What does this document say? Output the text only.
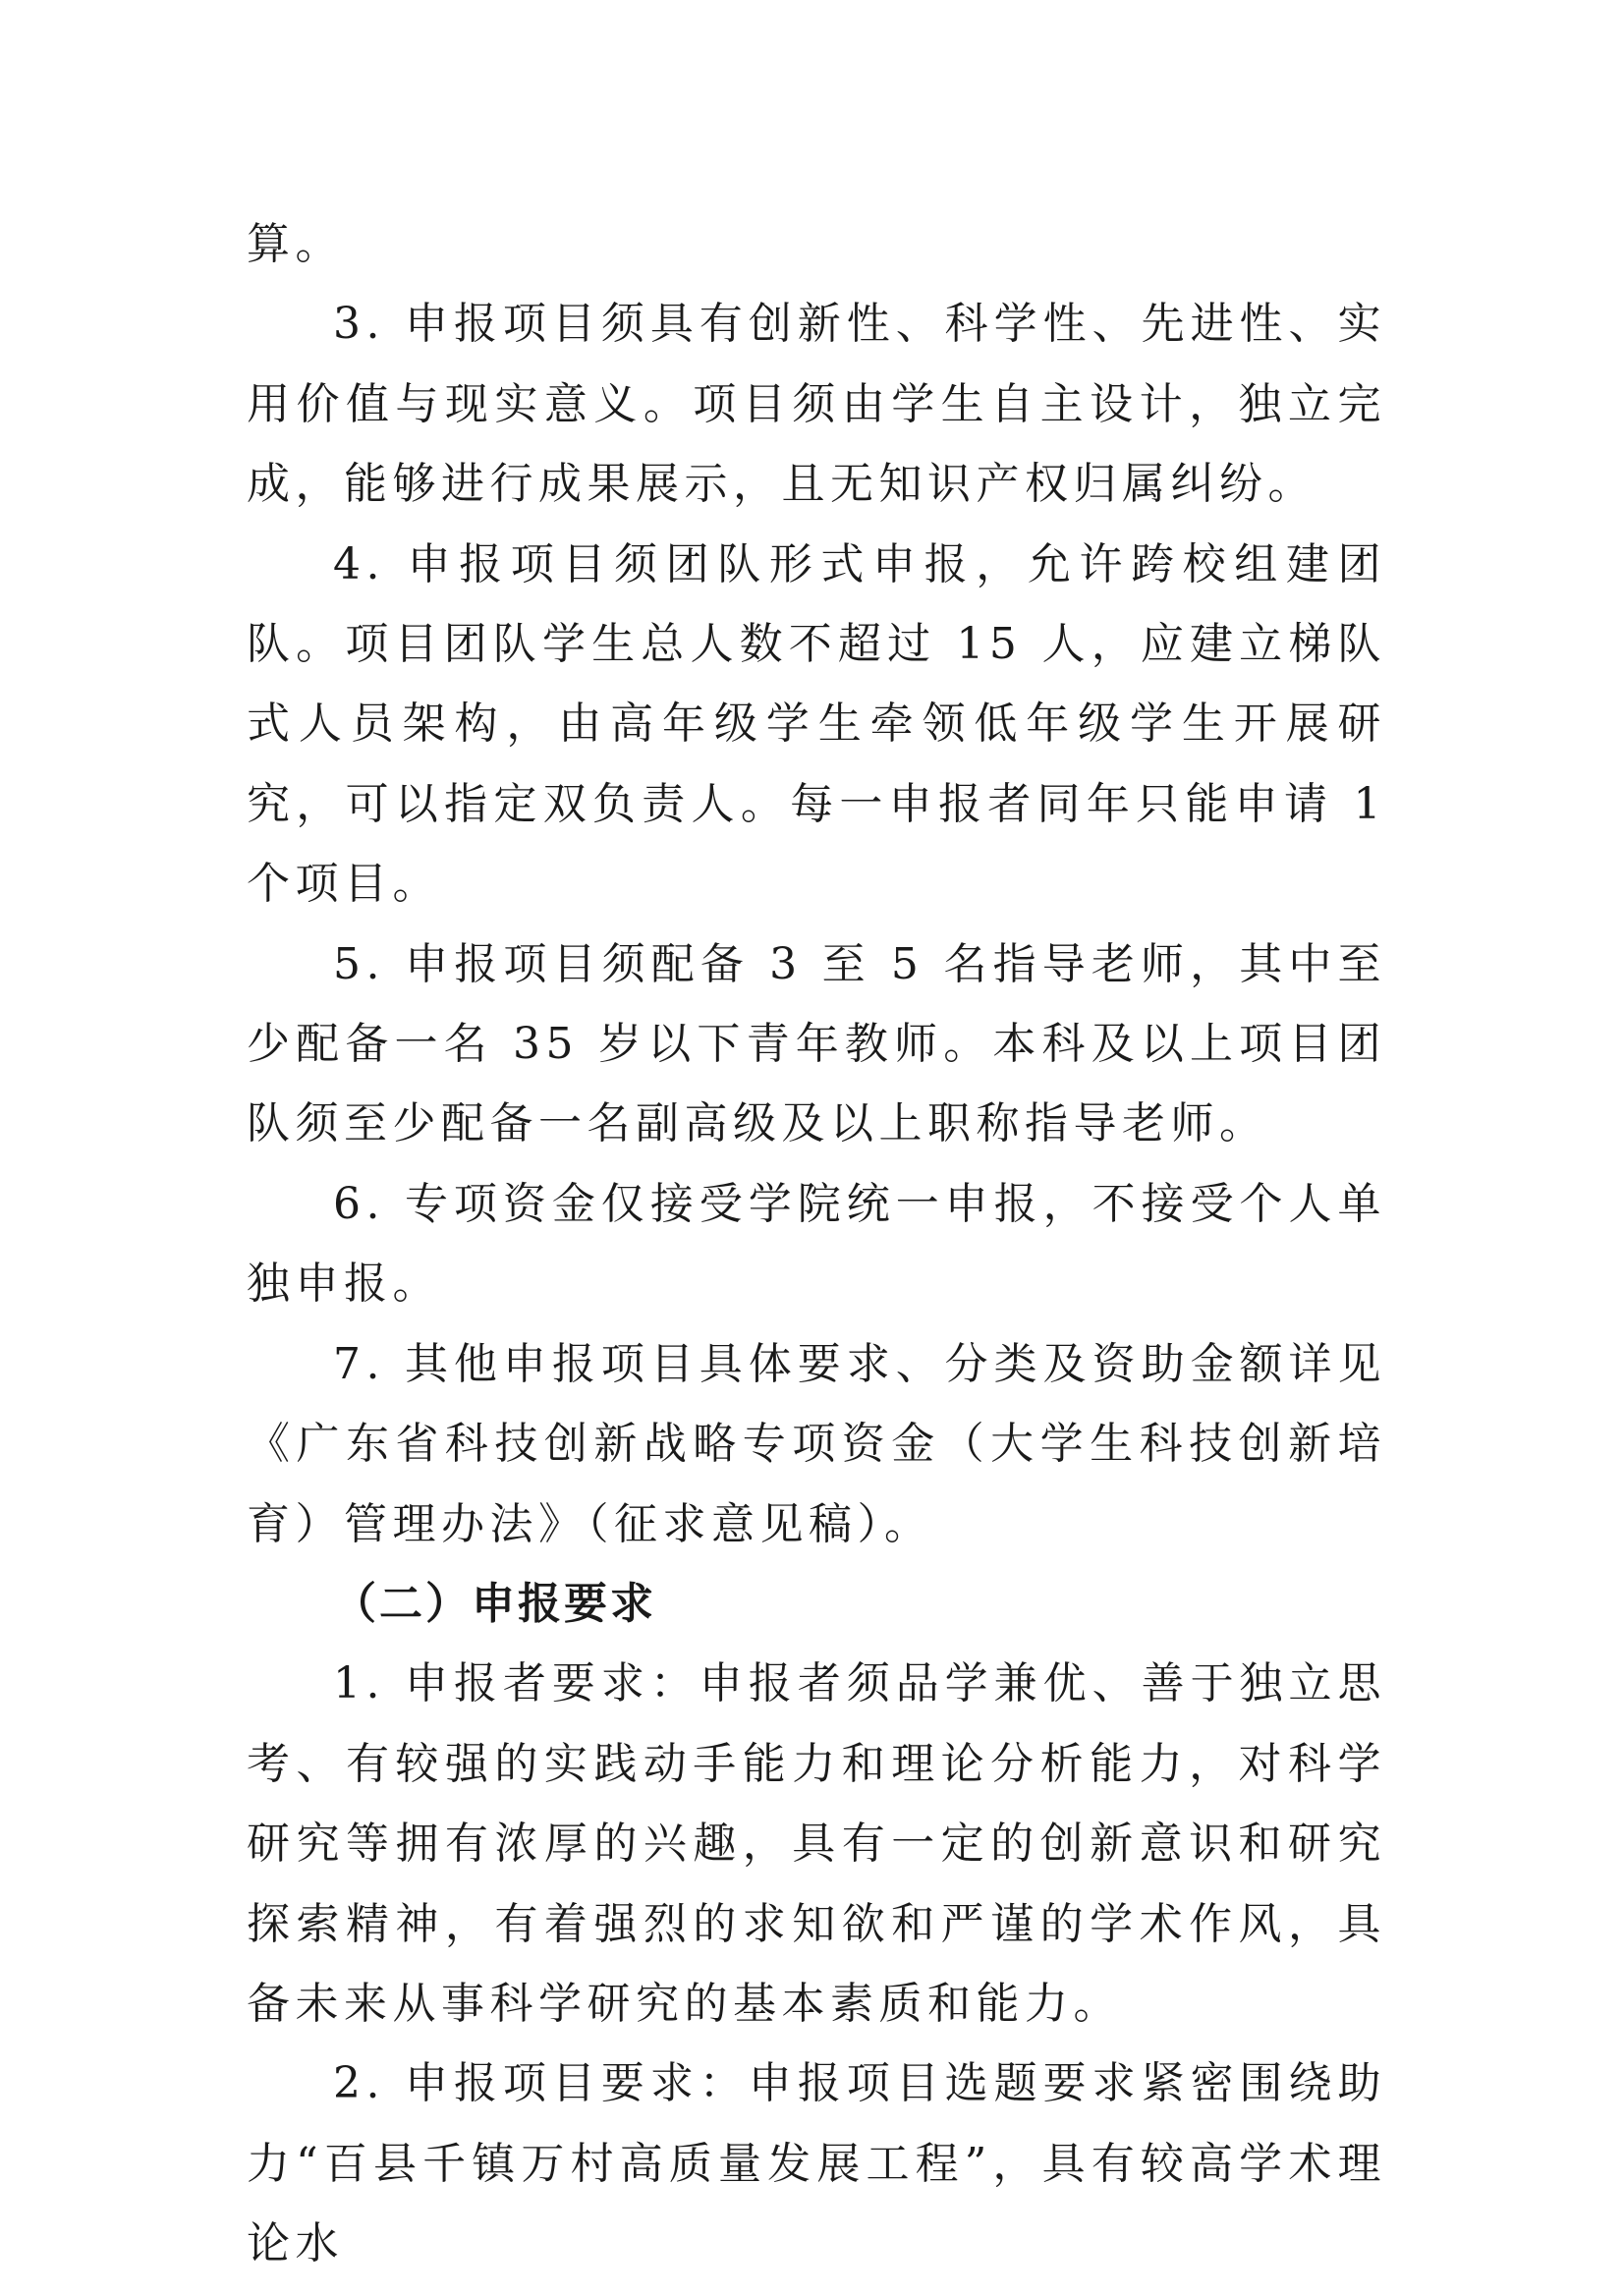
算。

3. 申报项目须具有创新性、科学性、先进性、实用价值与现实意义。项目须由学生自主设计，独立完成，能够进行成果展示，且无知识产权归属纠纷。

4. 申报项目须团队形式申报，允许跨校组建团队。项目团队学生总人数不超过 15 人，应建立梯队式人员架构，由高年级学生牵领低年级学生开展研究，可以指定双负责人。每一申报者同年只能申请 1 个项目。

5. 申报项目须配备 3 至 5 名指导老师，其中至少配备一名 35 岁以下青年教师。本科及以上项目团队须至少配备一名副高级及以上职称指导老师。

6. 专项资金仅接受学院统一申报，不接受个人单独申报。

7. 其他申报项目具体要求、分类及资助金额详见《广东省科技创新战略专项资金（大学生科技创新培育）管理办法》（征求意见稿）。

（二）申报要求

1. 申报者要求：申报者须品学兼优、善于独立思考、有较强的实践动手能力和理论分析能力，对科学研究等拥有浓厚的兴趣，具有一定的创新意识和研究探索精神，有着强烈的求知欲和严谨的学术作风，具备未来从事科学研究的基本素质和能力。

2. 申报项目要求：申报项目选题要求紧密围绕助力“百县千镇万村高质量发展工程”，具有较高学术理论水
